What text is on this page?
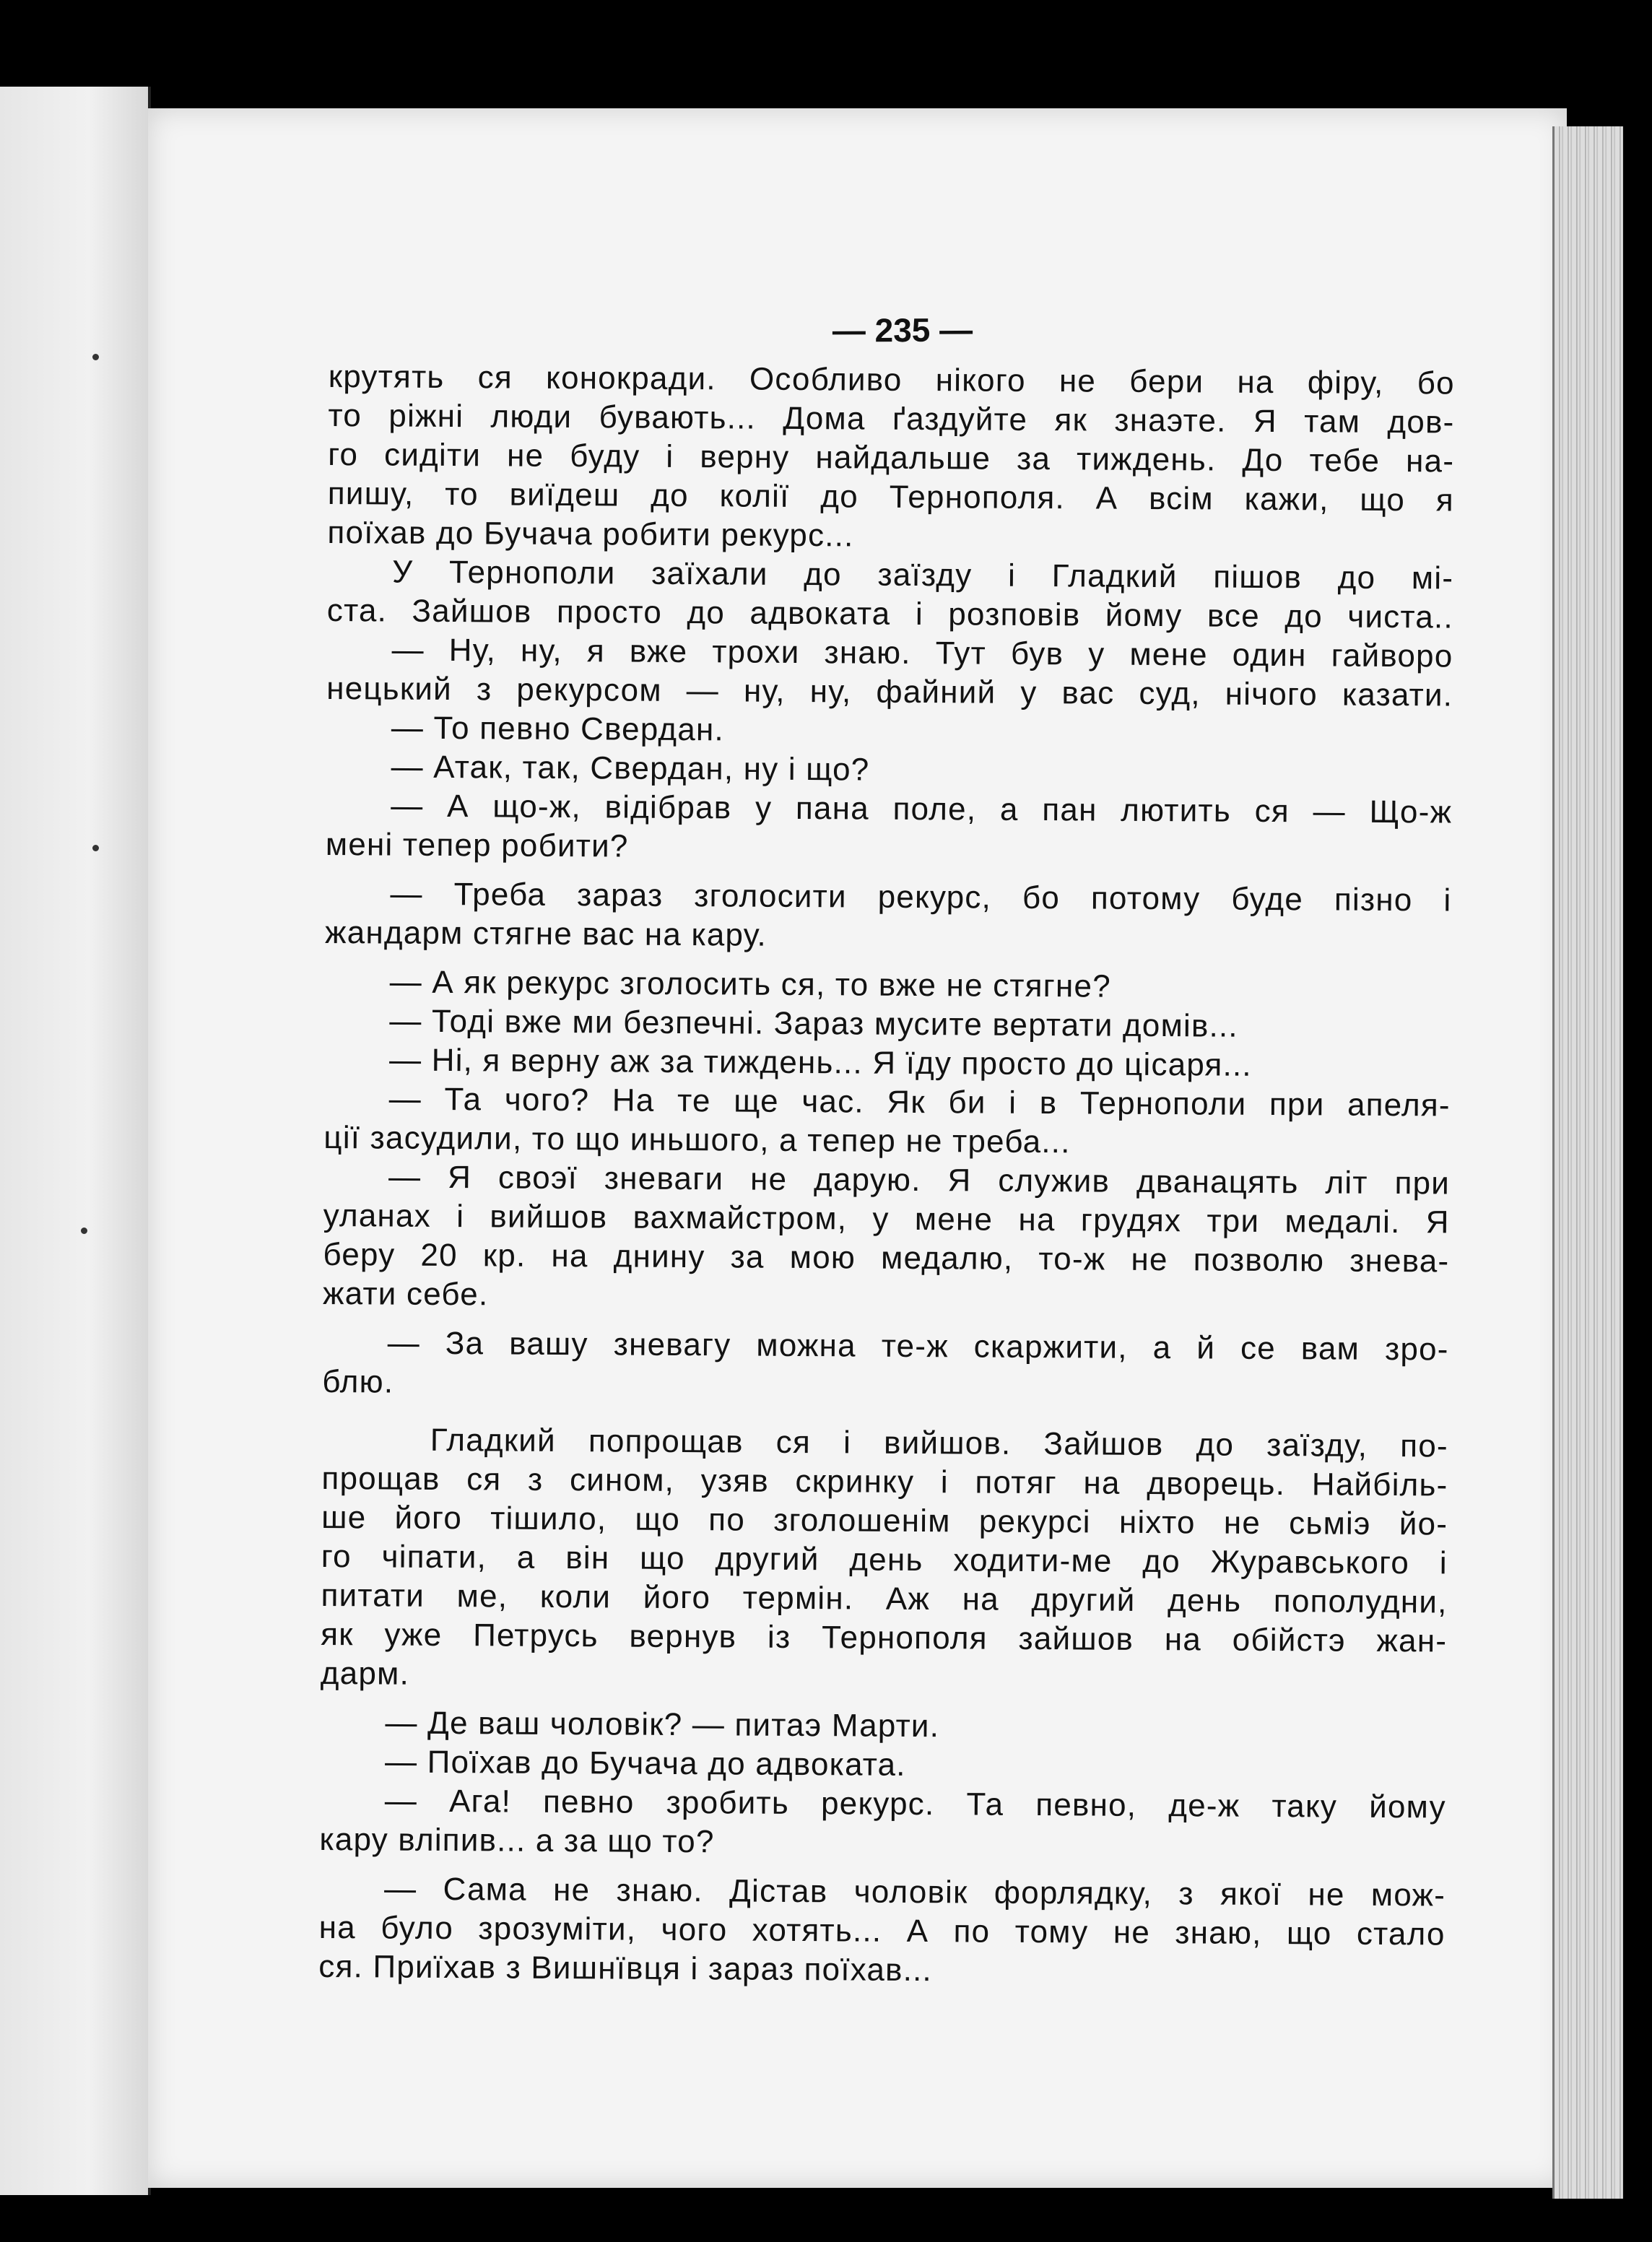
— 235 —
крутять ся конокради. Особливо нікого не бери на фіру, бо
то ріжні люди бувають... Дома ґаздуйте як знаэте. Я там дов-
го сидіти не буду і верну найдальше за тиждень. До тебе на-
пишу, то виїдеш до колії до Тернополя. А всім кажи, що я
поїхав до Бучача робити рекурс...
У Тернополи заїхали до заїзду і Гладкий пішов до мі-
ста. Зайшов просто до адвоката і розповів йому все до чиста..
— Ну, ну, я вже трохи знаю. Тут був у мене один гайворо
нецький з рекурсом — ну, ну, файний у вас суд, нічого казати.
— То певно Свердан.
— Атак, так, Свердан, ну і що?
— А що-ж, відібрав у пана поле, а пан лютить ся — Що-ж
мені тепер робити?
— Треба зараз зголосити рекурс, бо потому буде пізно і
жандарм стягне вас на кару.
— А як рекурс зголосить ся, то вже не стягне?
— Тоді вже ми безпечні. Зараз мусите вертати домів...
— Ні, я верну аж за тиждень... Я їду просто до цісаря...
— Та чого? На те ще час. Як би і в Тернополи при апеля-
ції засудили, то що иньшого, а тепер не треба...
— Я своэї зневаги не дарую. Я служив дванацять літ при
уланах і вийшов вахмайстром, у мене на грудях три медалі. Я
беру 20 кр. на днину за мою медалю, то-ж не позволю знева-
жати себе.
— За вашу зневагу можна те-ж скаржити, а й се вам зро-
блю.
Гладкий попрощав ся і вийшов. Зайшов до заїзду, по-
прощав ся з сином, узяв скринку і потяг на дворець. Найбіль-
ше його тішило, що по зголошенім рекурсі ніхто не сьміэ йо-
го чіпати, а він що другий день ходити-ме до Журавського і
питати ме, коли його термін. Аж на другий день пополудни,
як уже Петрусь вернув із Тернополя зайшов на обійстэ жан-
дарм.
— Де ваш чоловік? — питаэ Марти.
— Поїхав до Бучача до адвоката.
— Ага! певно зробить рекурс. Та певно, де-ж таку йому
кару вліпив... а за що то?
— Сама не знаю. Дістав чоловік форлядку, з якої не мож-
на було зрозуміти, чого хотять... А по тому не знаю, що стало
ся. Приїхав з Вишнївця і зараз поїхав...
